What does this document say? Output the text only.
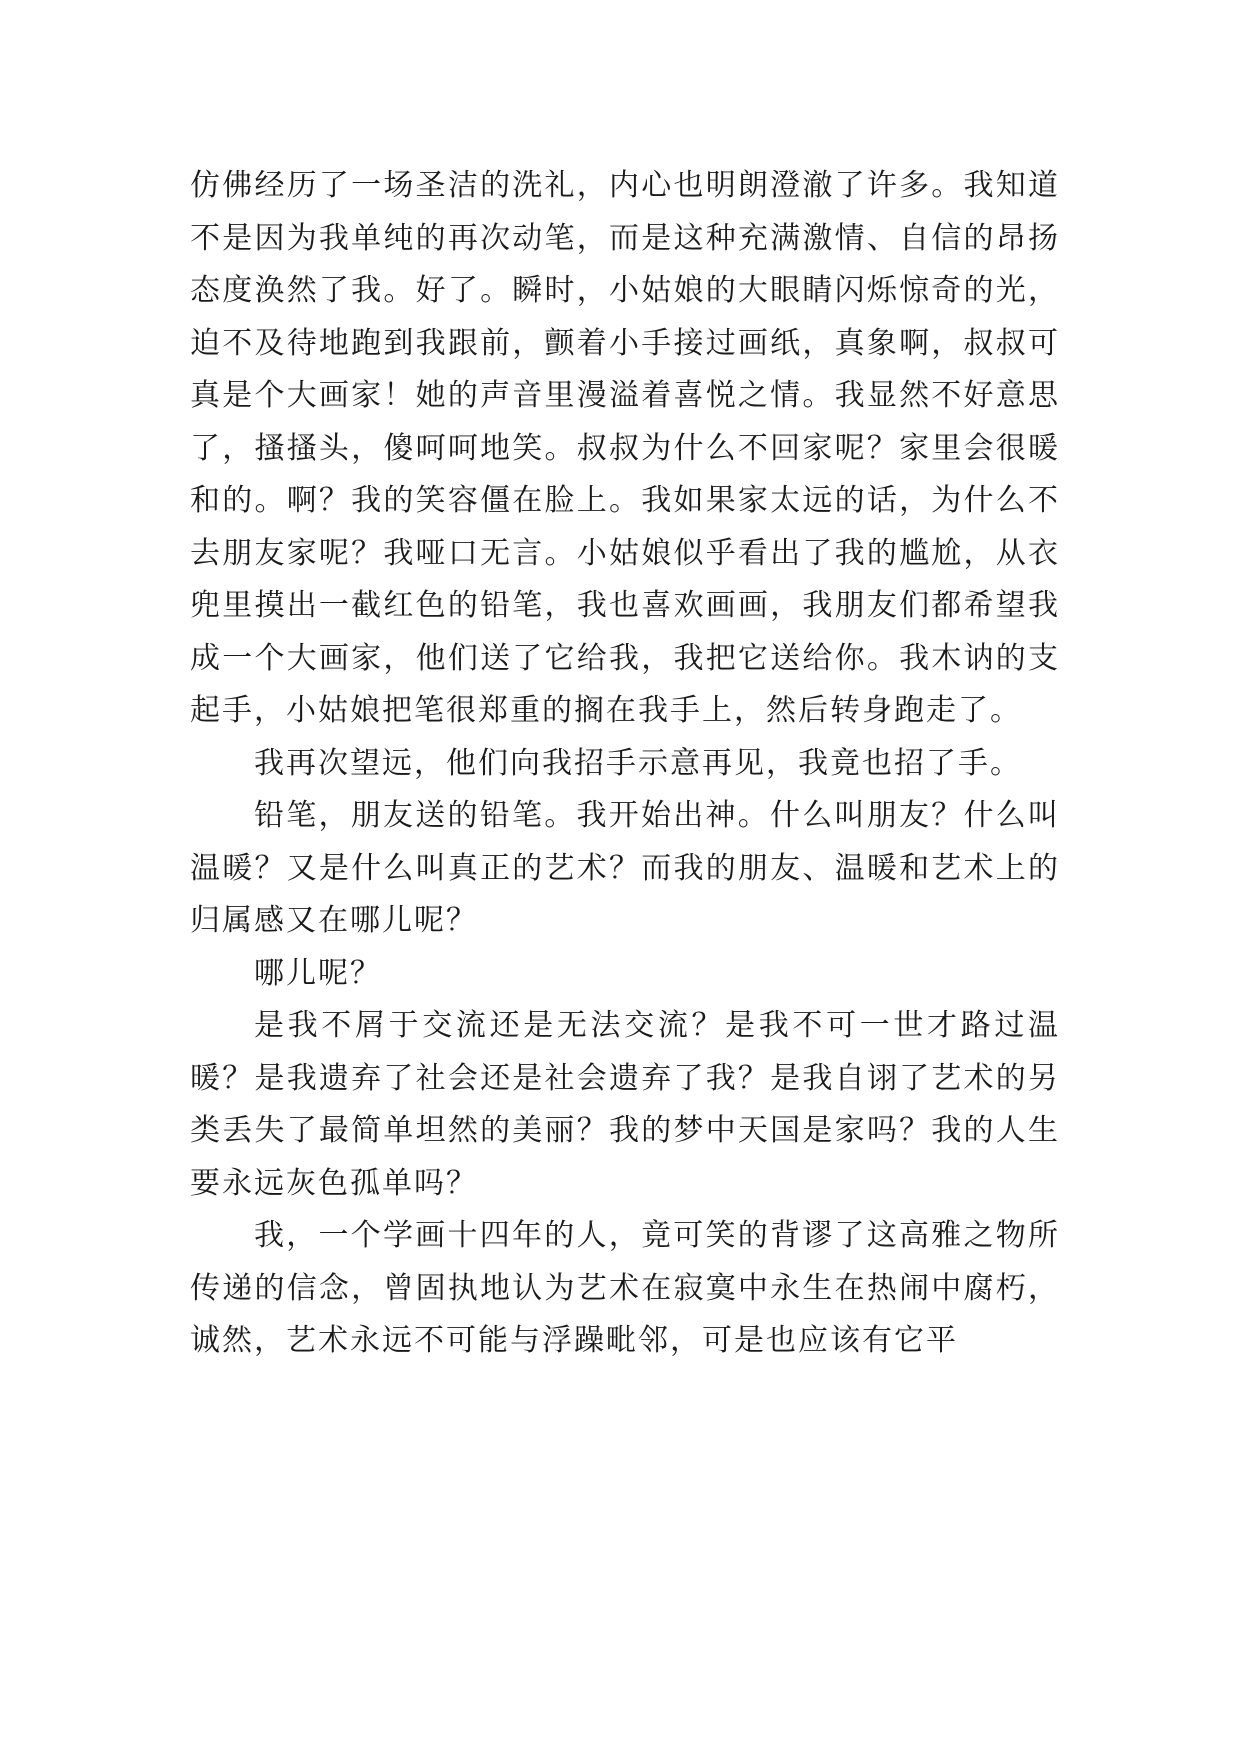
仿佛经历了一场圣洁的洗礼，内心也明朗澄澈了许多。我知道不是因为我单纯的再次动笔，而是这种充满激情、自信的昂扬态度涣然了我。好了。瞬时，小姑娘的大眼睛闪烁惊奇的光，迫不及待地跑到我跟前，颤着小手接过画纸，真象啊，叔叔可真是个大画家！她的声音里漫溢着喜悦之情。我显然不好意思了，搔搔头，傻呵呵地笑。叔叔为什么不回家呢？家里会很暖和的。啊？我的笑容僵在脸上。我如果家太远的话，为什么不去朋友家呢？我哑口无言。小姑娘似乎看出了我的尴尬，从衣兜里摸出一截红色的铅笔，我也喜欢画画，我朋友们都希望我成一个大画家，他们送了它给我，我把它送给你。我木讷的支起手，小姑娘把笔很郑重的搁在我手上，然后转身跑走了。

我再次望远，他们向我招手示意再见，我竟也招了手。

铅笔，朋友送的铅笔。我开始出神。什么叫朋友？什么叫温暖？又是什么叫真正的艺术？而我的朋友、温暖和艺术上的归属感又在哪儿呢？

哪儿呢？

是我不屑于交流还是无法交流？是我不可一世才路过温暖？是我遗弃了社会还是社会遗弃了我？是我自诩了艺术的另类丢失了最简单坦然的美丽？我的梦中天国是家吗？我的人生要永远灰色孤单吗？

我，一个学画十四年的人，竟可笑的背谬了这高雅之物所传递的信念，曾固执地认为艺术在寂寞中永生在热闹中腐朽，诚然，艺术永远不可能与浮躁毗邻，可是也应该有它平
